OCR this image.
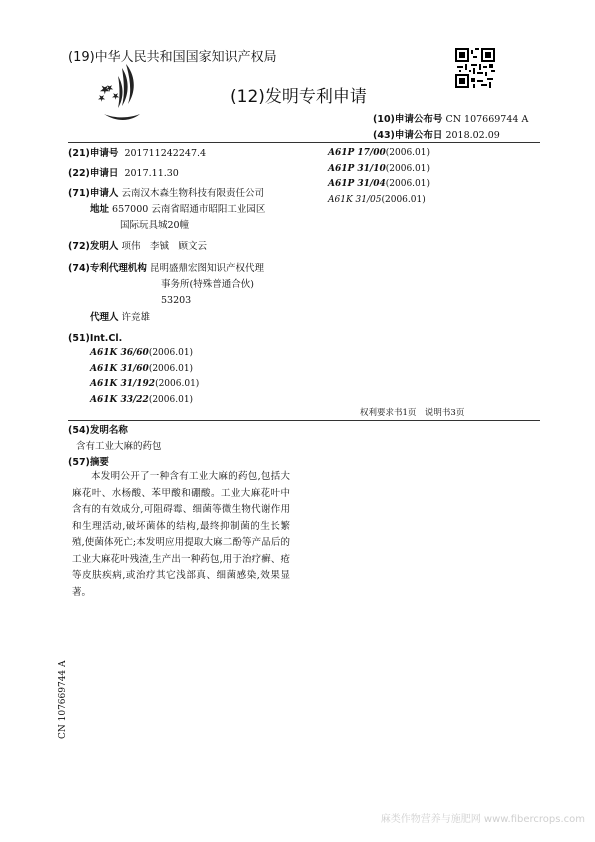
(19)中华人民共和国国家知识产权局
(12)发明专利申请
(10)申请公布号 CN 107669744 A
(43)申请公布日 2018.02.09
(21)申请号 201711242247.4
(22)申请日 2017.11.30
(71)申请人 云南汉木森生物科技有限责任公司
地址 657000 云南省昭通市昭阳工业园区
国际玩具城20幢
(72)发明人 项伟　李铖　顾文云
(74)专利代理机构 昆明盛鼎宏图知识产权代理
事务所(特殊普通合伙)
53203
代理人 许竞雄
(51)Int.Cl.
A61K 36/60(2006.01)
A61K 31/60(2006.01)
A61K 31/192(2006.01)
A61K 33/22(2006.01)
A61P 17/00(2006.01)
A61P 31/10(2006.01)
A61P 31/04(2006.01)
A61K 31/05(2006.01)
权利要求书1页　说明书3页
(54)发明名称
含有工业大麻的药包
(57)摘要
本发明公开了一种含有工业大麻的药包,包括大麻花叶、水杨酸、苯甲酸和硼酸。工业大麻花叶中含有的有效成分,可阻碍霉、细菌等微生物代谢作用和生理活动,破坏菌体的结构,最终抑制菌的生长繁殖,使菌体死亡;本发明应用提取大麻二酚等产品后的工业大麻花叶残渣,生产出一种药包,用于治疗癣、疮等皮肤疾病,或治疗其它浅部真、细菌感染,效果显著。
CN 107669744 A
麻类作物营养与施肥网 www.fibercrops.com
